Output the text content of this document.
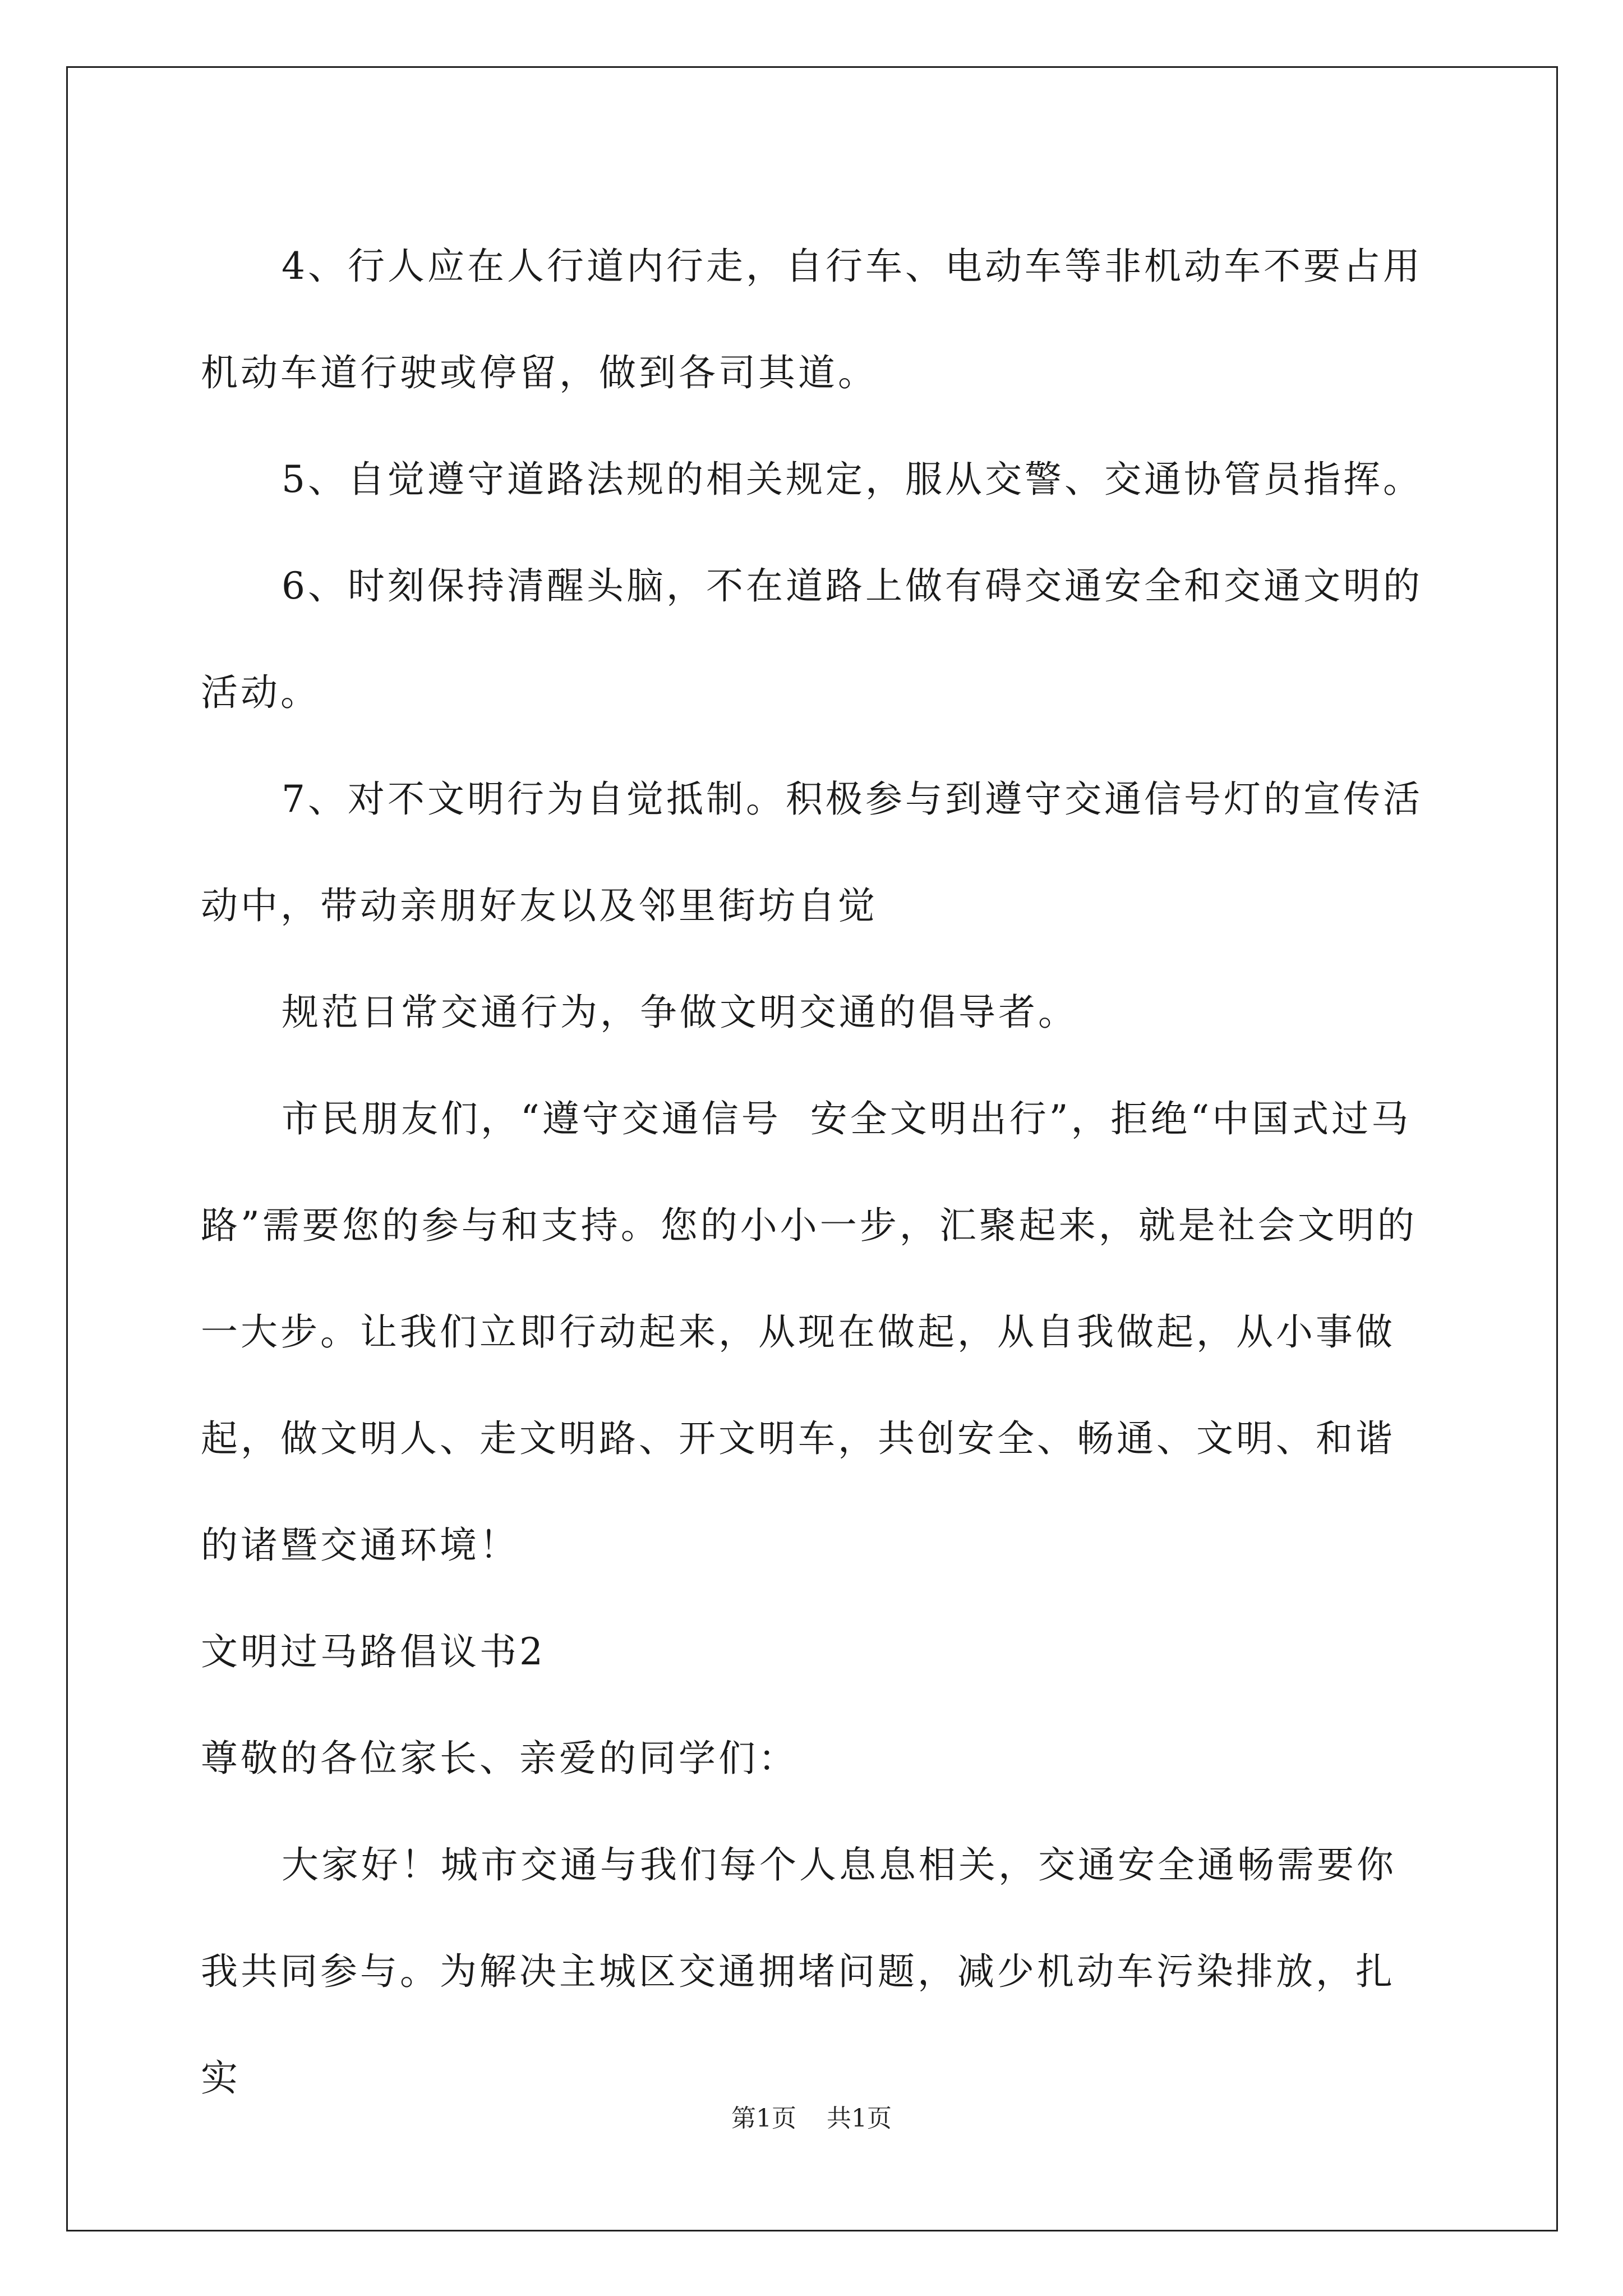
4、行人应在人行道内行走，自行车、电动车等非机动车不要占用机动车道行驶或停留，做到各司其道。

5、自觉遵守道路法规的相关规定，服从交警、交通协管员指挥。

6、时刻保持清醒头脑，不在道路上做有碍交通安全和交通文明的活动。

7、对不文明行为自觉抵制。积极参与到遵守交通信号灯的宣传活动中，带动亲朋好友以及邻里街坊自觉

规范日常交通行为，争做文明交通的倡导者。

市民朋友们，“遵守交通信号  安全文明出行”，拒绝“中国式过马路”需要您的参与和支持。您的小小一步，汇聚起来，就是社会文明的一大步。让我们立即行动起来，从现在做起，从自我做起，从小事做起，做文明人、走文明路、开文明车，共创安全、畅通、文明、和谐的诸暨交通环境！

文明过马路倡议书2

尊敬的各位家长、亲爱的同学们：

大家好！城市交通与我们每个人息息相关，交通安全通畅需要你我共同参与。为解决主城区交通拥堵问题，减少机动车污染排放，扎实

第1页 共1页
